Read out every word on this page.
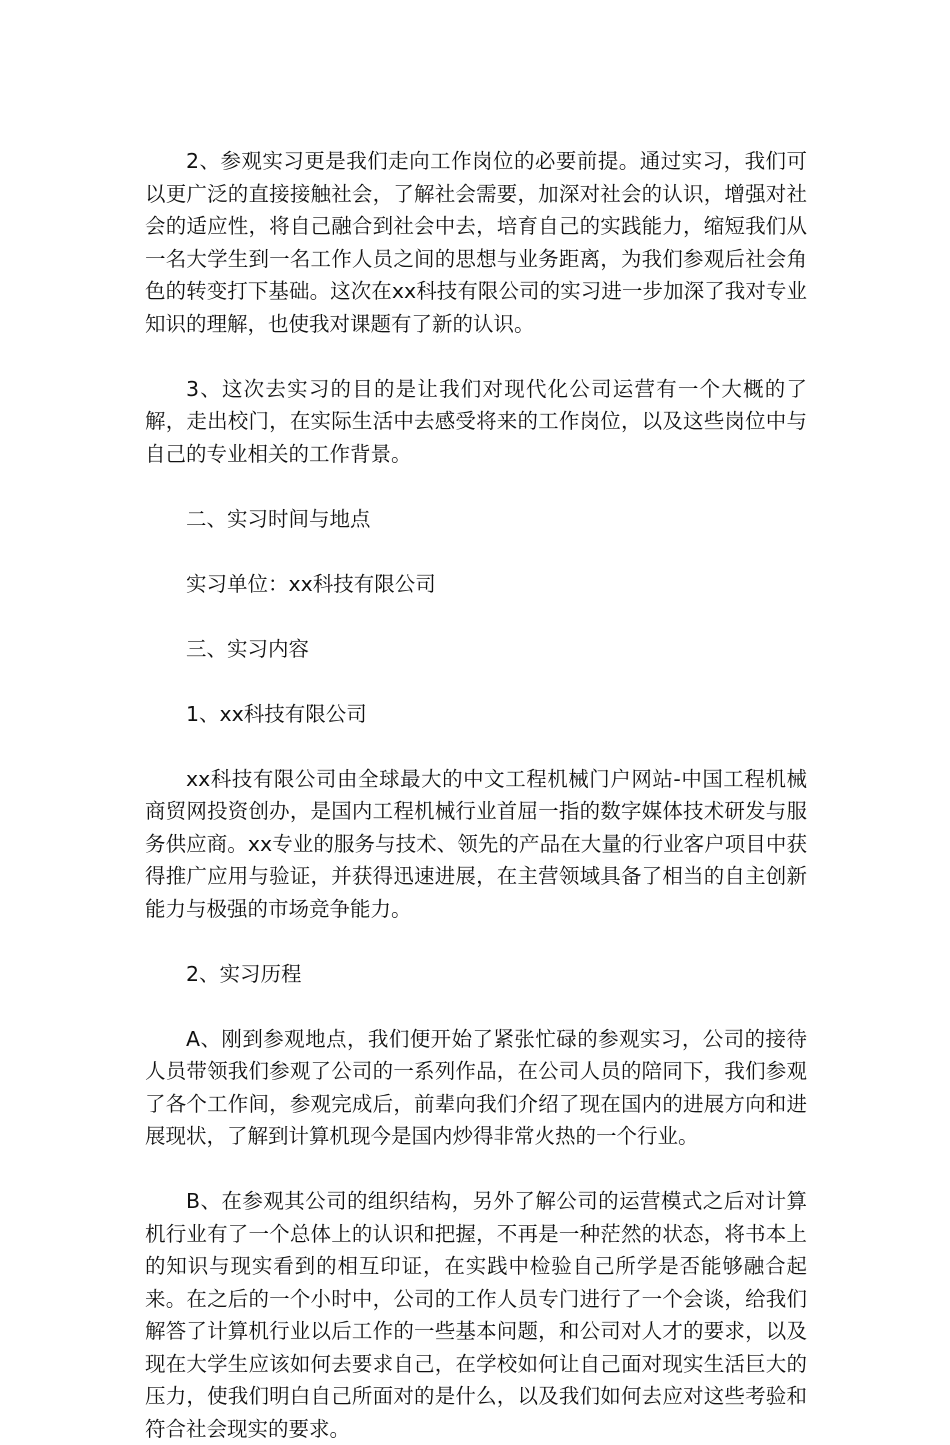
2、参观实习更是我们走向工作岗位的必要前提。通过实习，我们可以更广泛的直接接触社会，了解社会需要，加深对社会的认识，增强对社会的适应性，将自己融合到社会中去，培育自己的实践能力，缩短我们从一名大学生到一名工作人员之间的思想与业务距离，为我们参观后社会角色的转变打下基础。这次在xx科技有限公司的实习进一步加深了我对专业知识的理解，也使我对课题有了新的认识。

3、这次去实习的目的是让我们对现代化公司运营有一个大概的了解，走出校门，在实际生活中去感受将来的工作岗位，以及这些岗位中与自己的专业相关的工作背景。

二、实习时间与地点

实习单位：xx科技有限公司

三、实习内容

1、xx科技有限公司

xx科技有限公司由全球最大的中文工程机械门户网站-中国工程机械商贸网投资创办，是国内工程机械行业首屈一指的数字媒体技术研发与服务供应商。xx专业的服务与技术、领先的产品在大量的行业客户项目中获得推广应用与验证，并获得迅速进展，在主营领域具备了相当的自主创新能力与极强的市场竞争能力。

2、实习历程

A、刚到参观地点，我们便开始了紧张忙碌的参观实习，公司的接待人员带领我们参观了公司的一系列作品，在公司人员的陪同下，我们参观了各个工作间，参观完成后，前辈向我们介绍了现在国内的进展方向和进展现状，了解到计算机现今是国内炒得非常火热的一个行业。

B、在参观其公司的组织结构，另外了解公司的运营模式之后对计算机行业有了一个总体上的认识和把握，不再是一种茫然的状态，将书本上的知识与现实看到的相互印证，在实践中检验自己所学是否能够融合起来。在之后的一个小时中，公司的工作人员专门进行了一个会谈，给我们解答了计算机行业以后工作的一些基本问题，和公司对人才的要求，以及现在大学生应该如何去要求自己，在学校如何让自己面对现实生活巨大的压力，使我们明白自己所面对的是什么，以及我们如何去应对这些考验和符合社会现实的要求。
